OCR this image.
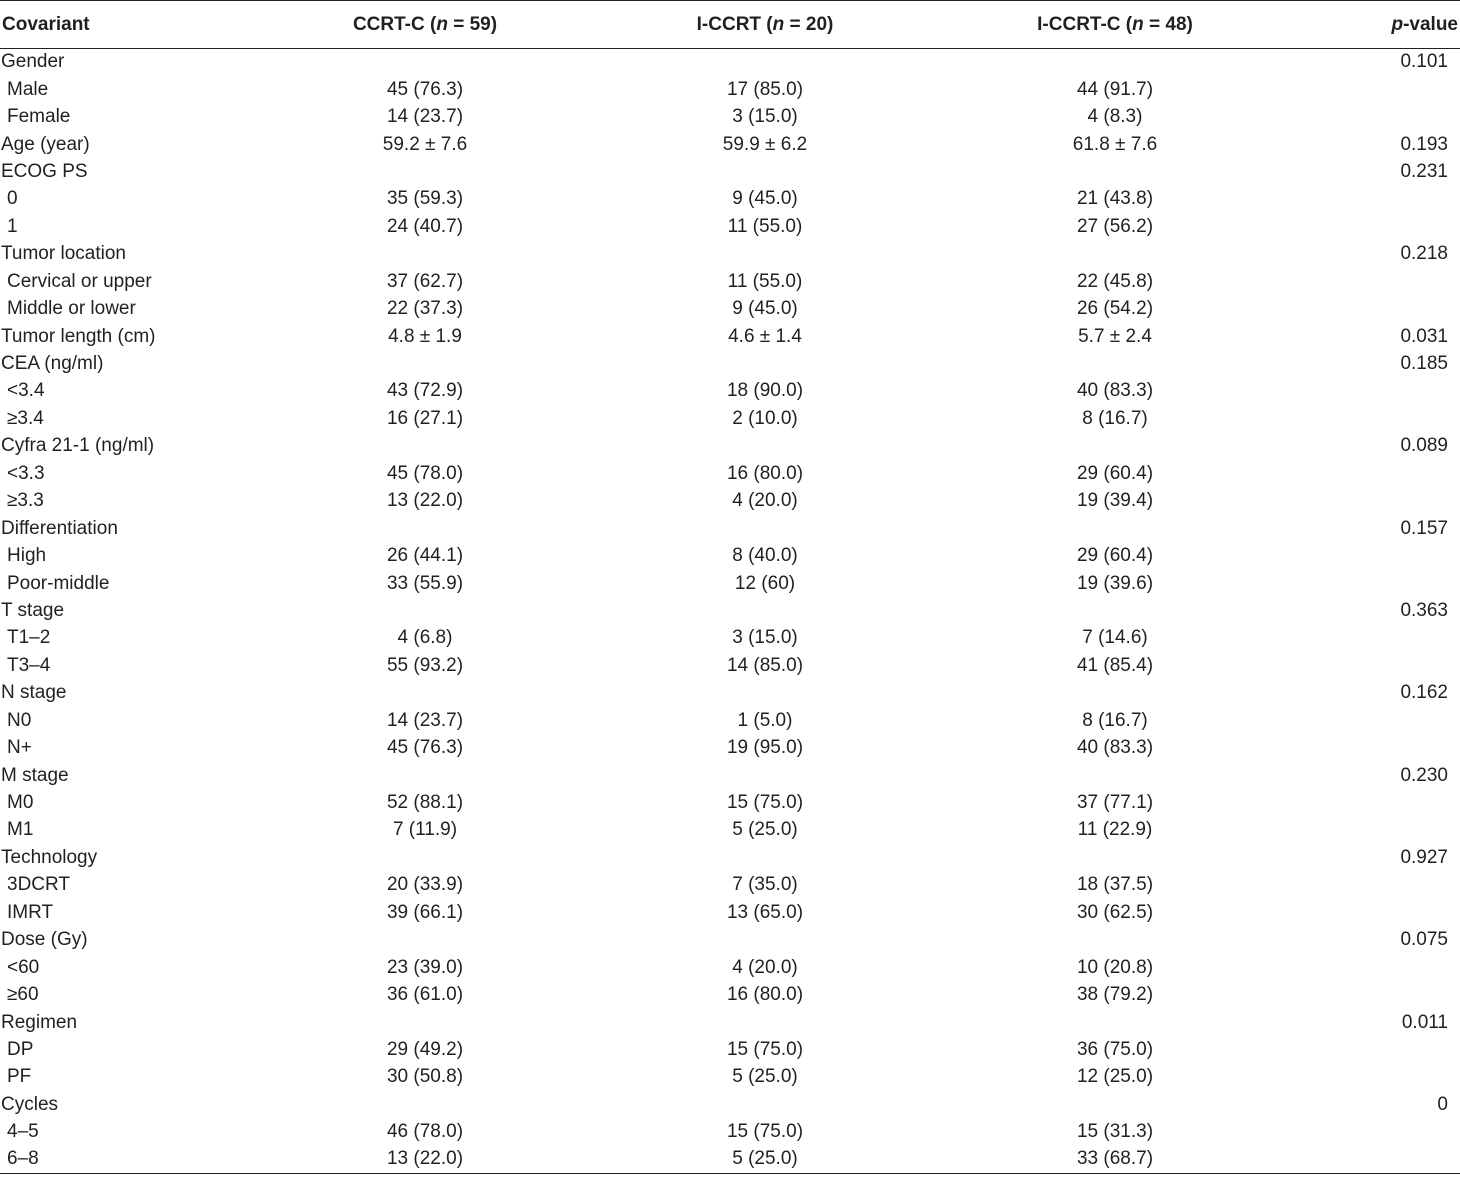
Covariant	CCRT-C (n = 59)	I-CCRT (n = 20)	I-CCRT-C (n = 48)	p-value
Gender				0.101
Male	45 (76.3)	17 (85.0)	44 (91.7)	
Female	14 (23.7)	3 (15.0)	4 (8.3)	
Age (year)	59.2 ± 7.6	59.9 ± 6.2	61.8 ± 7.6	0.193
ECOG PS				0.231
0	35 (59.3)	9 (45.0)	21 (43.8)	
1	24 (40.7)	11 (55.0)	27 (56.2)	
Tumor location				0.218
Cervical or upper	37 (62.7)	11 (55.0)	22 (45.8)	
Middle or lower	22 (37.3)	9 (45.0)	26 (54.2)	
Tumor length (cm)	4.8 ± 1.9	4.6 ± 1.4	5.7 ± 2.4	0.031
CEA (ng/ml)				0.185
<3.4	43 (72.9)	18 (90.0)	40 (83.3)	
≥3.4	16 (27.1)	2 (10.0)	8 (16.7)	
Cyfra 21-1 (ng/ml)				0.089
<3.3	45 (78.0)	16 (80.0)	29 (60.4)	
≥3.3	13 (22.0)	4 (20.0)	19 (39.4)	
Differentiation				0.157
High	26 (44.1)	8 (40.0)	29 (60.4)	
Poor-middle	33 (55.9)	12 (60)	19 (39.6)	
T stage				0.363
T1–2	4 (6.8)	3 (15.0)	7 (14.6)	
T3–4	55 (93.2)	14 (85.0)	41 (85.4)	
N stage				0.162
N0	14 (23.7)	1 (5.0)	8 (16.7)	
N+	45 (76.3)	19 (95.0)	40 (83.3)	
M stage				0.230
M0	52 (88.1)	15 (75.0)	37 (77.1)	
M1	7 (11.9)	5 (25.0)	11 (22.9)	
Technology				0.927
3DCRT	20 (33.9)	7 (35.0)	18 (37.5)	
IMRT	39 (66.1)	13 (65.0)	30 (62.5)	
Dose (Gy)				0.075
<60	23 (39.0)	4 (20.0)	10 (20.8)	
≥60	36 (61.0)	16 (80.0)	38 (79.2)	
Regimen				0.011
DP	29 (49.2)	15 (75.0)	36 (75.0)	
PF	30 (50.8)	5 (25.0)	12 (25.0)	
Cycles				0
4–5	46 (78.0)	15 (75.0)	15 (31.3)	
6–8	13 (22.0)	5 (25.0)	33 (68.7)	
